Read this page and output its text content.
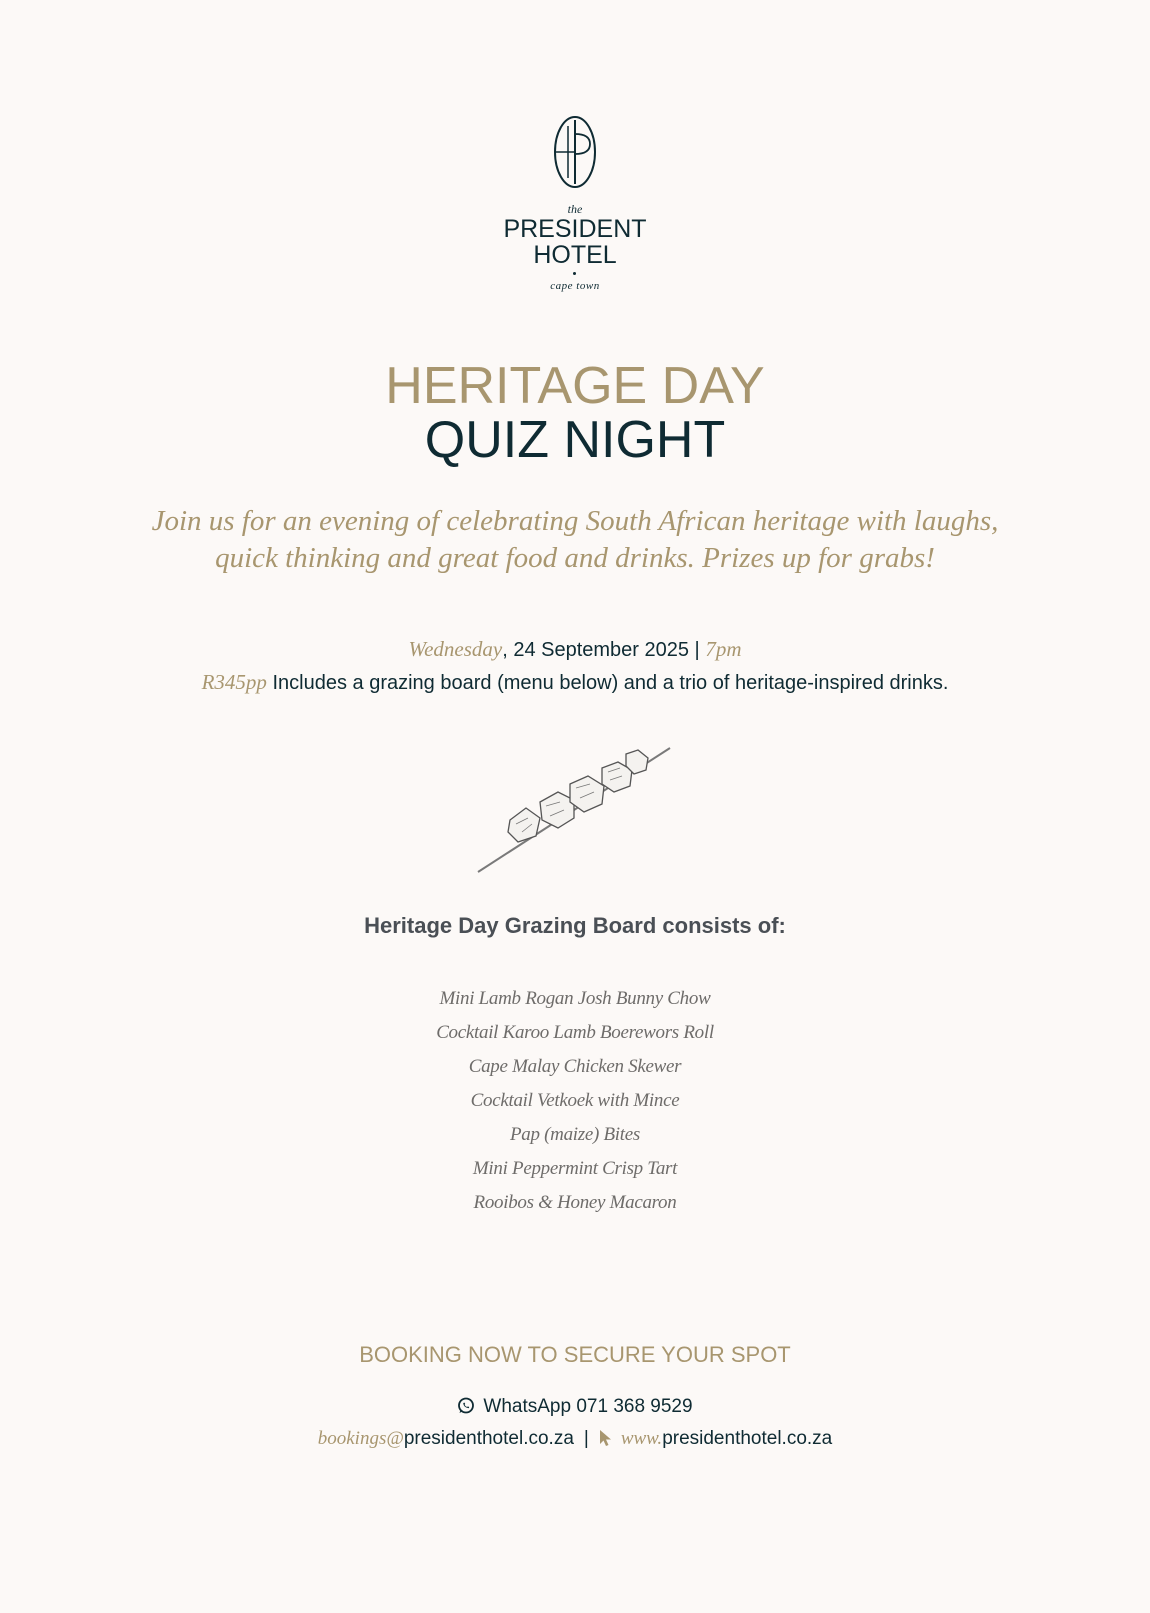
the
PRESIDENT
HOTEL
cape town
HERITAGE DAY
QUIZ NIGHT
Join us for an evening of celebrating South African heritage with laughs,
quick thinking and great food and drinks. Prizes up for grabs!
Wednesday, 24 September 2025 | 7pm
R345pp Includes a grazing board (menu below) and a trio of heritage-inspired drinks.
Heritage Day Grazing Board consists of:
Mini Lamb Rogan Josh Bunny Chow
Cocktail Karoo Lamb Boerewors Roll
Cape Malay Chicken Skewer
Cocktail Vetkoek with Mince
Pap (maize) Bites
Mini Peppermint Crisp Tart
Rooibos & Honey Macaron
BOOKING NOW TO SECURE YOUR SPOT
WhatsApp 071 368 9529
bookings@presidenthotel.co.za | www.presidenthotel.co.za
